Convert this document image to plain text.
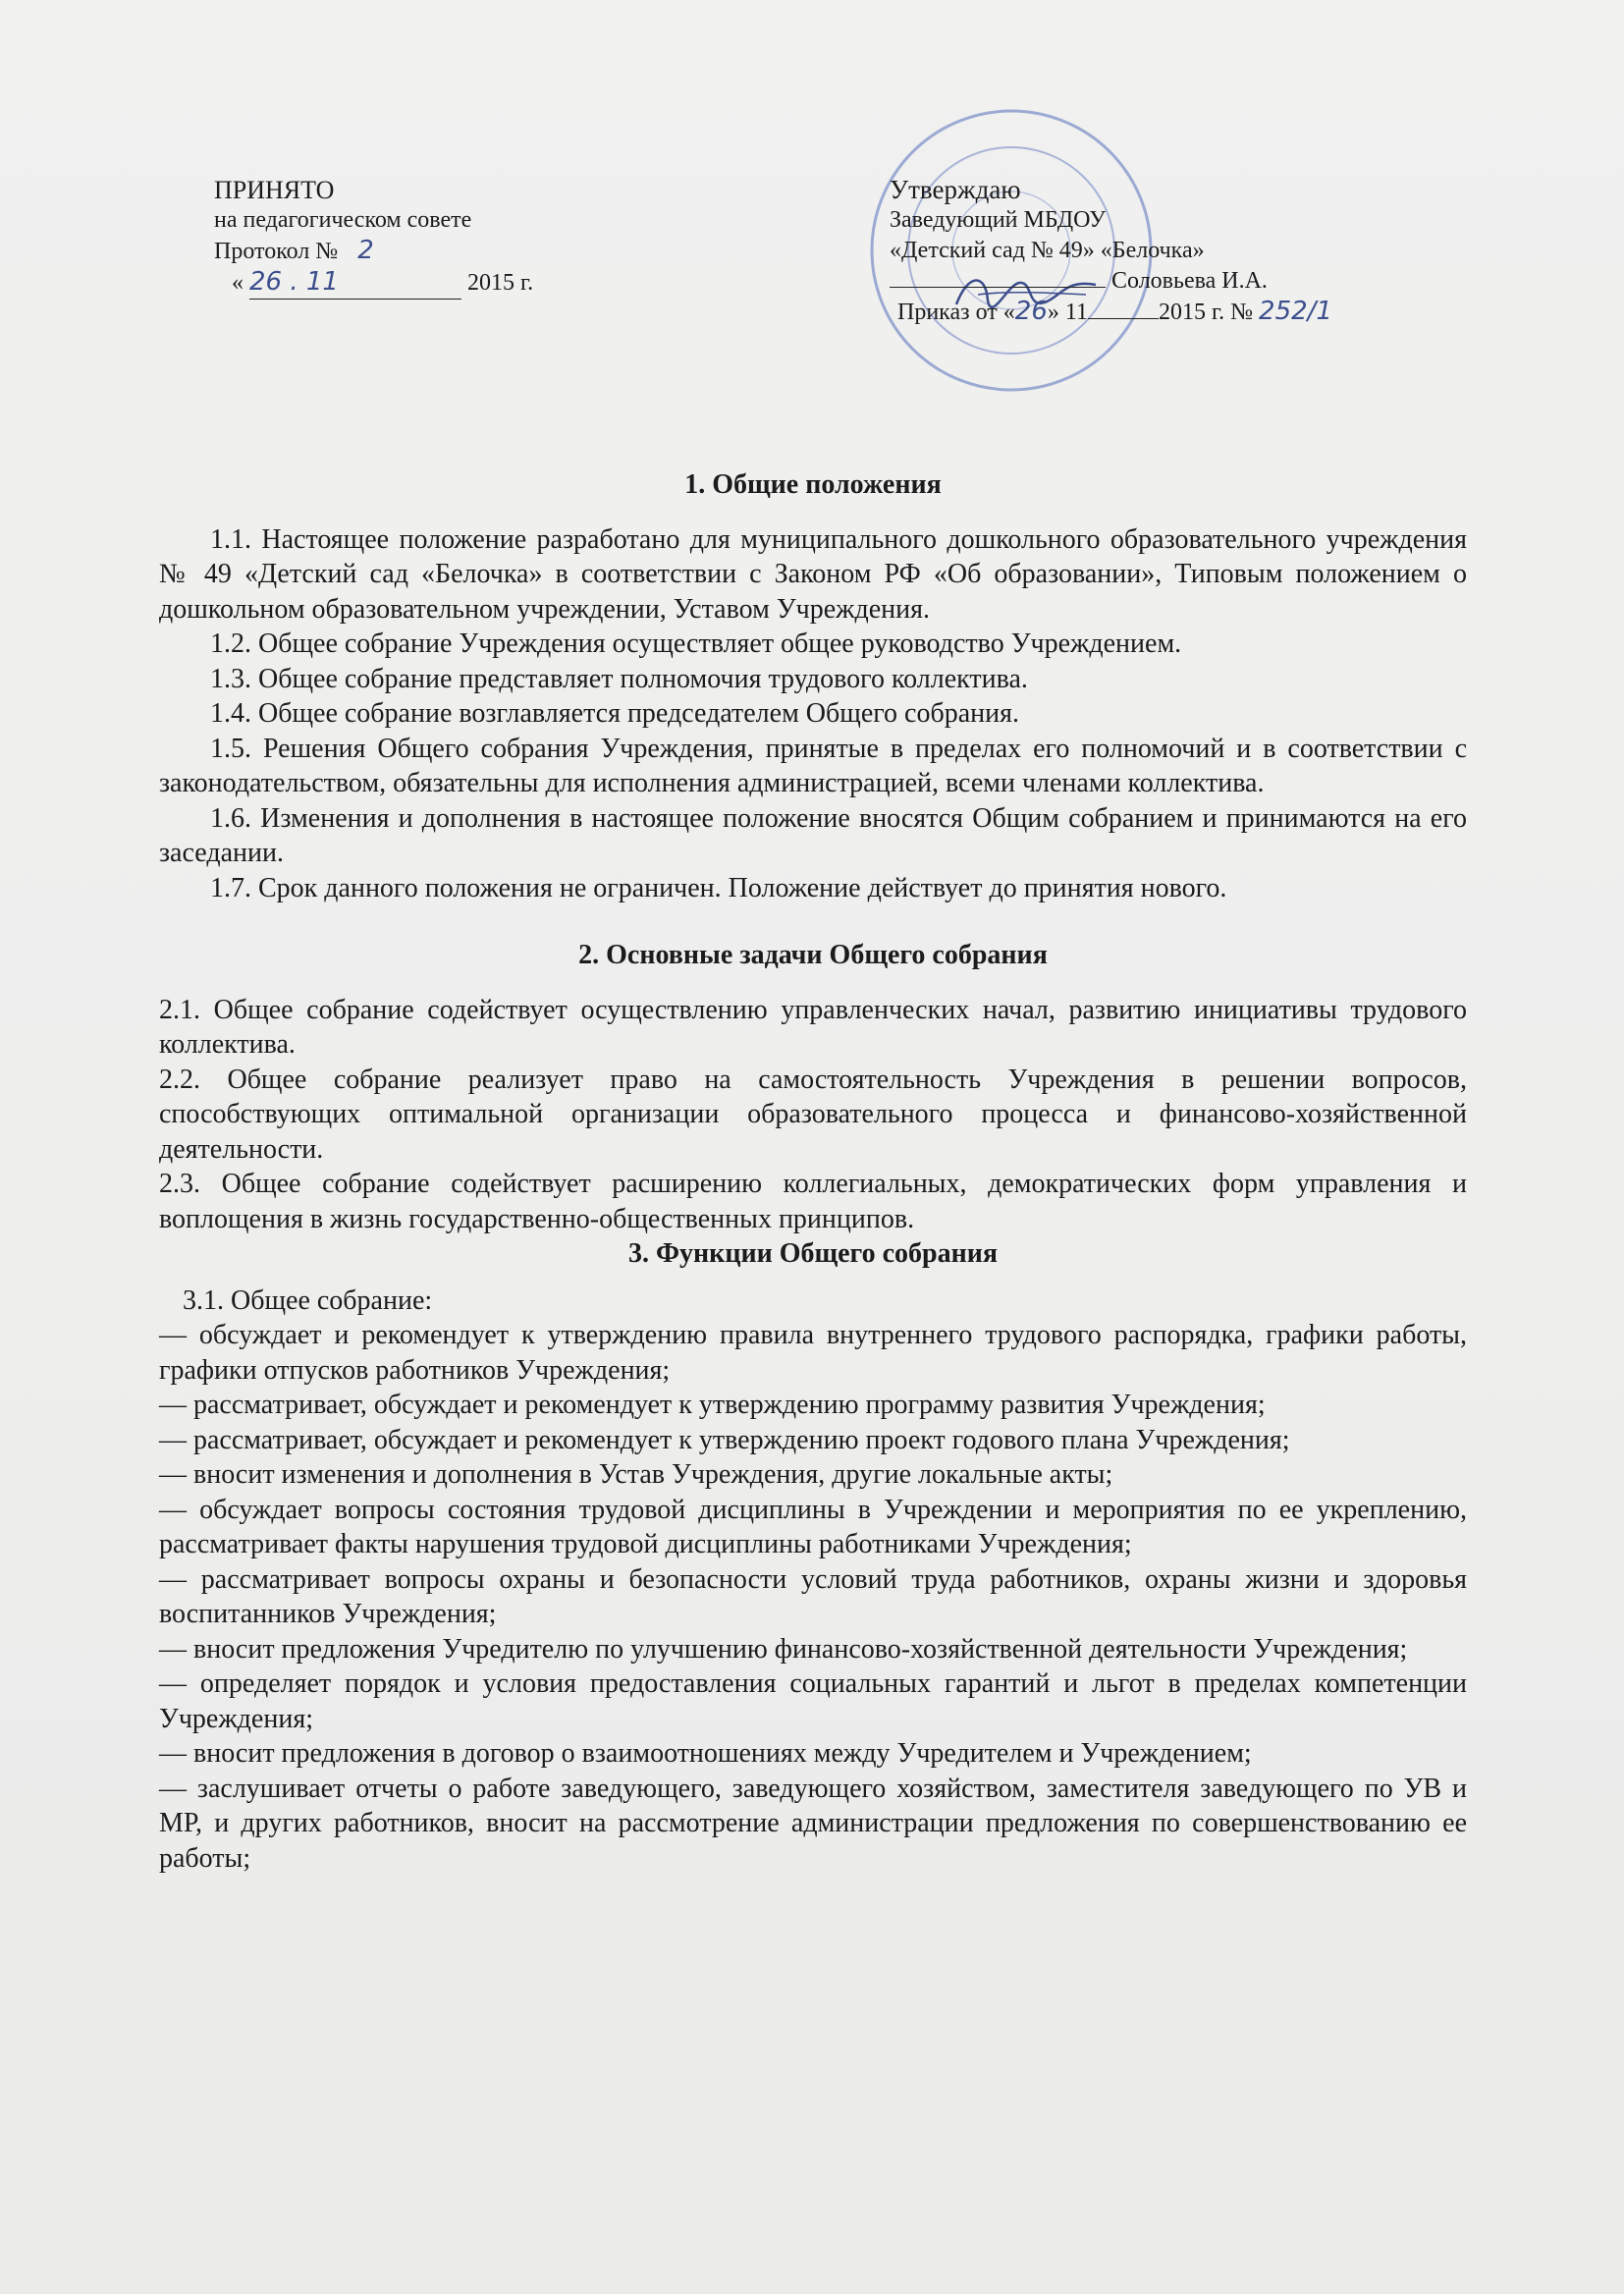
ПРИНЯТО
на педагогическом совете
Протокол № 2
« 26 . 11	2015 г.
Утверждаю
Заведующий МБДОУ
«Детский сад № 49» «Белочка»
Соловьева И.А.
Приказ от «26» 11	2015 г. № 252/1
1. Общие положения

1.1. Настоящее положение разработано для муниципального дошкольного образовательного учреждения № 49 «Детский сад «Белочка» в соответствии с Законом РФ «Об образовании», Типовым положением о дошкольном образовательном учреждении, Уставом Учреждения.

1.2. Общее собрание Учреждения осуществляет общее руководство Учреждением.

1.3. Общее собрание представляет полномочия трудового коллектива.

1.4. Общее собрание возглавляется председателем Общего собрания.

1.5. Решения Общего собрания Учреждения, принятые в пределах его полномочий и в соответствии с законодательством, обязательны для исполнения администрацией, всеми членами коллектива.

1.6. Изменения и дополнения в настоящее положение вносятся Общим собранием и принимаются на его заседании.

1.7. Срок данного положения не ограничен. Положение действует до принятия нового.

2. Основные задачи Общего собрания

2.1. Общее собрание содействует осуществлению управленческих начал, развитию инициативы трудового коллектива.

2.2. Общее собрание реализует право на самостоятельность Учреждения в решении вопросов, способствующих оптимальной организации образовательного процесса и финансово-хозяйственной деятельности.

2.3. Общее собрание содействует расширению коллегиальных, демократических форм управления и воплощения в жизнь государственно-общественных принципов.

3. Функции Общего собрания

3.1. Общее собрание:

— обсуждает и рекомендует к утверждению правила внутреннего трудового распорядка, графики работы, графики отпусков работников Учреждения;

— рассматривает, обсуждает и рекомендует к утверждению программу развития Учреждения;

— рассматривает, обсуждает и рекомендует к утверждению проект годового плана Учреждения;

— вносит изменения и дополнения в Устав Учреждения, другие локальные акты;

— обсуждает вопросы состояния трудовой дисциплины в Учреждении и мероприятия по ее укреплению, рассматривает факты нарушения трудовой дисциплины работниками Учреждения;

— рассматривает вопросы охраны и безопасности условий труда работников, охраны жизни и здоровья воспитанников Учреждения;

— вносит предложения Учредителю по улучшению финансово-хозяйственной деятельности Учреждения;

— определяет порядок и условия предоставления социальных гарантий и льгот в пределах компетенции Учреждения;

— вносит предложения в договор о взаимоотношениях между Учредителем и Учреждением;

— заслушивает отчеты о работе заведующего, заведующего хозяйством, заместителя заведующего по УВ и МР, и других работников, вносит на рассмотрение администрации предложения по совершенствованию ее работы;
